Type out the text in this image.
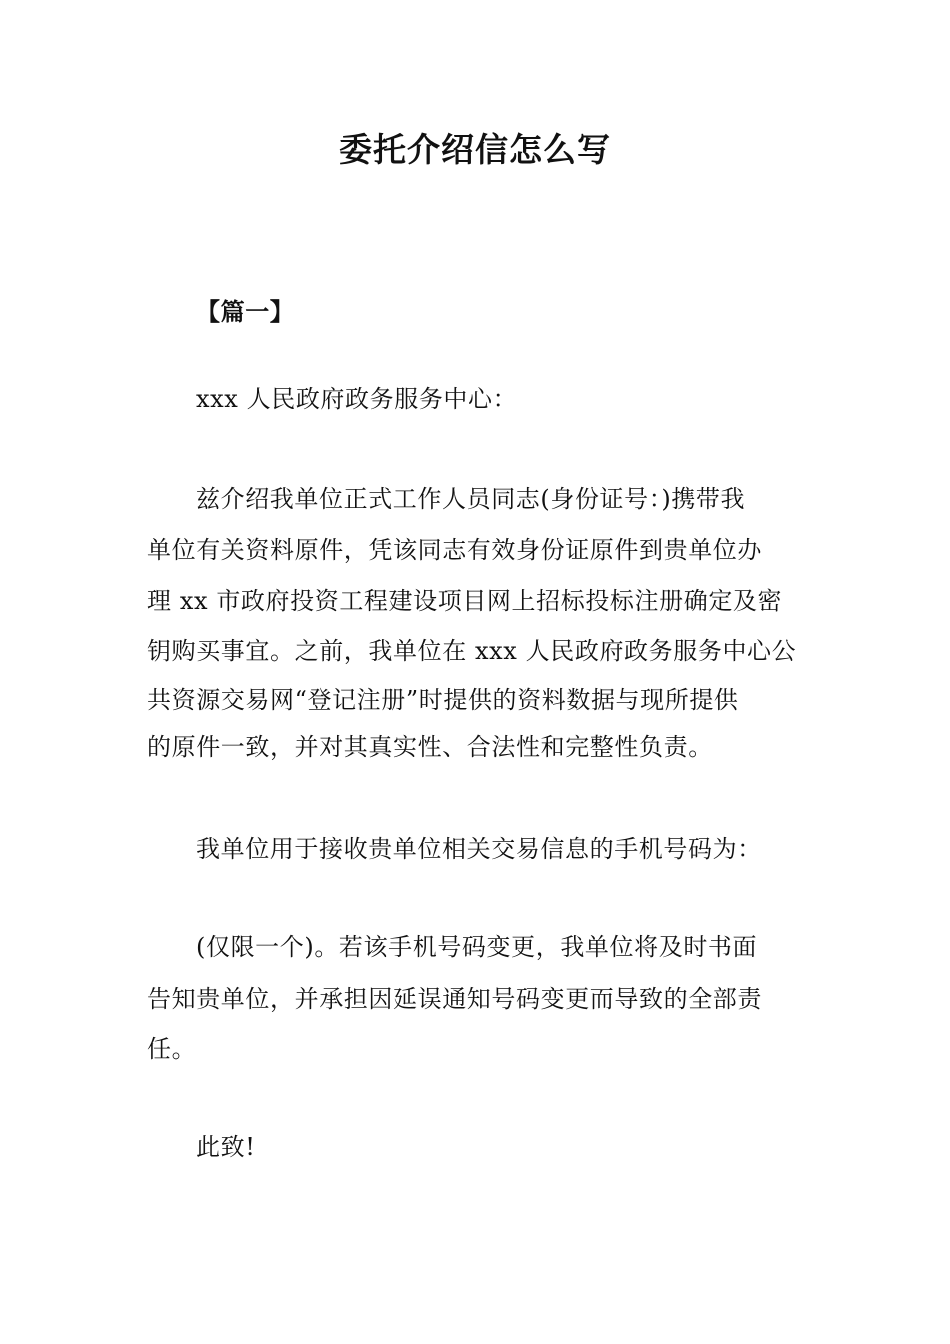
委托介绍信怎么写
【篇一】
xxx 人民政府政务服务中心：
兹介绍我单位正式工作人员同志(身份证号：)携带我
单位有关资料原件，凭该同志有效身份证原件到贵单位办
理 xx 市政府投资工程建设项目网上招标投标注册确定及密
钥购买事宜。之前，我单位在 xxx 人民政府政务服务中心公
共资源交易网“登记注册”时提供的资料数据与现所提供
的原件一致，并对其真实性、合法性和完整性负责。
我单位用于接收贵单位相关交易信息的手机号码为：
(仅限一个)。若该手机号码变更，我单位将及时书面
告知贵单位，并承担因延误通知号码变更而导致的全部责
任。
此致!
